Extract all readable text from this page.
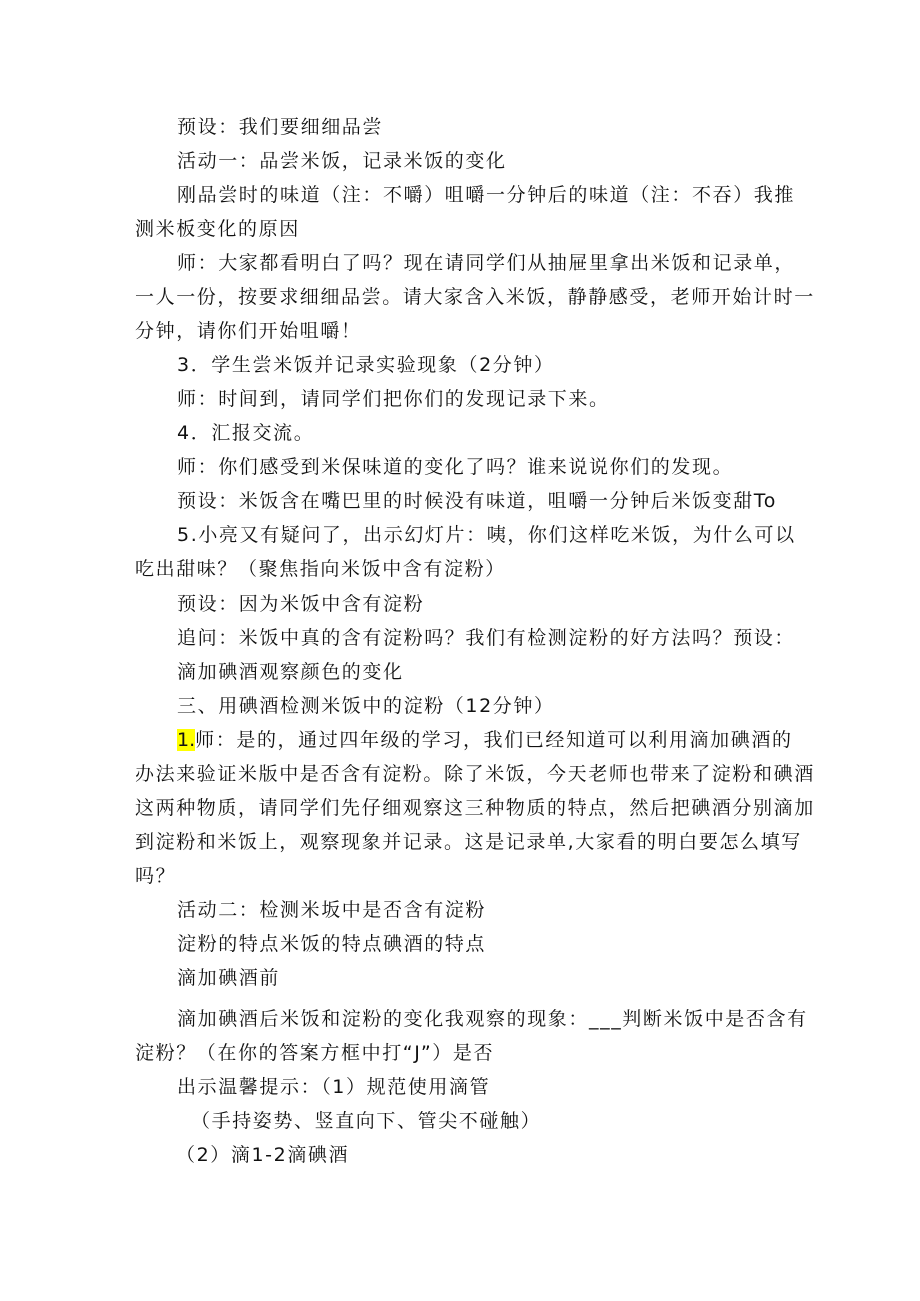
预设：我们要细细品尝
活动一：品尝米饭，记录米饭的变化
刚品尝时的味道（注：不嚼）咀嚼一分钟后的味道（注：不吞）我推
测米板变化的原因
师：大家都看明白了吗？现在请同学们从抽屉里拿出米饭和记录单，
一人一份，按要求细细品尝。请大家含入米饭，静静感受，老师开始计时一
分钟，请你们开始咀嚼！
3．学生尝米饭并记录实验现象（2分钟）
师：时间到，请同学们把你们的发现记录下来。
4．汇报交流。
师：你们感受到米保味道的变化了吗？谁来说说你们的发现。
预设：米饭含在嘴巴里的时候没有味道，咀嚼一分钟后米饭变甜To
5.小亮又有疑问了，出示幻灯片：咦，你们这样吃米饭，为什么可以
吃出甜味？（聚焦指向米饭中含有淀粉）
预设：因为米饭中含有淀粉
追问：米饭中真的含有淀粉吗？我们有检测淀粉的好方法吗？预设：
滴加碘酒观察颜色的变化
三、用碘酒检测米饭中的淀粉（12分钟）
1.师：是的，通过四年级的学习，我们已经知道可以利用滴加碘酒的
办法来验证米版中是否含有淀粉。除了米饭，今天老师也带来了淀粉和碘酒
这两种物质，请同学们先仔细观察这三种物质的特点，然后把碘酒分别滴加
到淀粉和米饭上，观察现象并记录。这是记录单,大家看的明白要怎么填写
吗？
活动二：检测米坂中是否含有淀粉
淀粉的特点米饭的特点碘酒的特点
滴加碘酒前
滴加碘酒后米饭和淀粉的变化我观察的现象：___判断米饭中是否含有
淀粉？（在你的答案方框中打“J”）是否
出示温馨提示：（1）规范使用滴管
（手持姿势、竖直向下、管尖不碰触）
（2）滴1-2滴碘酒
